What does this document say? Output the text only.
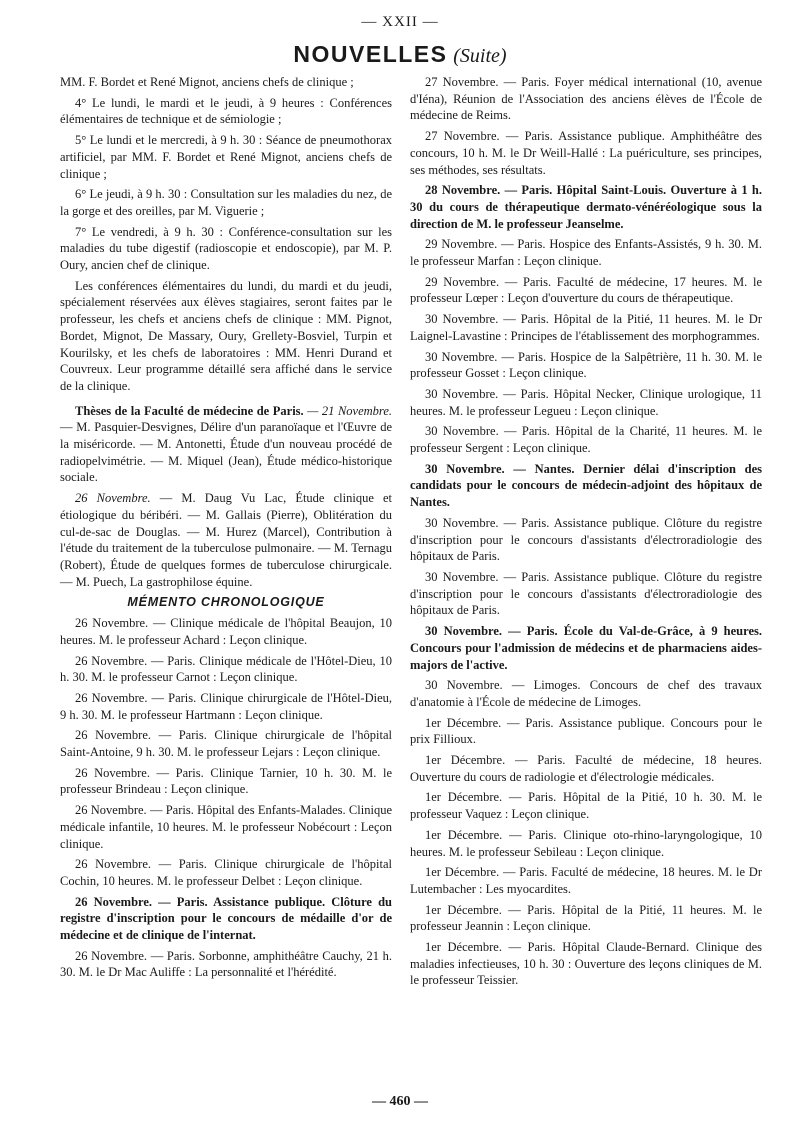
— XXII —
NOUVELLES (Suite)

MM. F. Bordet et René Mignot, anciens chefs de clinique ;

4° Le lundi, le mardi et le jeudi, à 9 heures : Conférences élémentaires de technique et de sémiologie ;

5° Le lundi et le mercredi, à 9 h. 30 : Séance de pneumothorax artificiel, par MM. F. Bordet et René Mignot, anciens chefs de clinique ;

6° Le jeudi, à 9 h. 30 : Consultation sur les maladies du nez, de la gorge et des oreilles, par M. Viguerie ;

7° Le vendredi, à 9 h. 30 : Conférence-consultation sur les maladies du tube digestif (radioscopie et endoscopie), par M. P. Oury, ancien chef de clinique.

Les conférences élémentaires du lundi, du mardi et du jeudi, spécialement réservées aux élèves stagiaires, seront faites par le professeur, les chefs et anciens chefs de clinique : MM. Pignot, Bordet, Mignot, De Massary, Oury, Grellety-Bosviel, Turpin et Kourilsky, et les chefs de laboratoires : MM. Henri Durand et Couvreux. Leur programme détaillé sera affiché dans le service de la clinique.

Thèses de la Faculté de médecine de Paris. — 21 Novembre. — M. Pasquier-Desvignes, Délire d'un paranoïaque et l'Œuvre de la miséricorde. — M. Antonetti, Étude d'un nouveau procédé de radiopelvimétrie. — M. Miquel (Jean), Étude médico-historique sociale.

26 Novembre. — M. Daug Vu Lac, Étude clinique et étiologique du béribéri. — M. Gallais (Pierre), Oblitération du cul-de-sac de Douglas. — M. Hurez (Marcel), Contribution à l'étude du traitement de la tuberculose pulmonaire. — M. Ternagu (Robert), Étude de quelques formes de tuberculose chirurgicale. — M. Puech, La gastrophilose équine.

MÉMENTO CHRONOLOGIQUE

26 Novembre. — Clinique médicale de l'hôpital Beaujon, 10 heures. M. le professeur Achard : Leçon clinique.

26 Novembre. — Paris. Clinique médicale de l'Hôtel-Dieu, 10 h. 30. M. le professeur Carnot : Leçon clinique.

26 Novembre. — Paris. Clinique chirurgicale de l'Hôtel-Dieu, 9 h. 30. M. le professeur Hartmann : Leçon clinique.

26 Novembre. — Paris. Clinique chirurgicale de l'hôpital Saint-Antoine, 9 h. 30. M. le professeur Lejars : Leçon clinique.

26 Novembre. — Paris. Clinique Tarnier, 10 h. 30. M. le professeur Brindeau : Leçon clinique.

26 Novembre. — Paris. Hôpital des Enfants-Malades. Clinique médicale infantile, 10 heures. M. le professeur Nobécourt : Leçon clinique.

26 Novembre. — Paris. Clinique chirurgicale de l'hôpital Cochin, 10 heures. M. le professeur Delbet : Leçon clinique.

26 Novembre. — Paris. Assistance publique. Clôture du registre d'inscription pour le concours de médaille d'or de médecine et de clinique de l'internat.

26 Novembre. — Paris. Sorbonne, amphithéâtre Cauchy, 21 h. 30. M. le Dr Mac Auliffe : La personnalité et l'hérédité.

27 Novembre. — Paris. Foyer médical international (10, avenue d'Iéna), Réunion de l'Association des anciens élèves de l'École de médecine de Reims.

27 Novembre. — Paris. Assistance publique. Amphithéâtre des concours, 10 h. M. le Dr Weill-Hallé : La puériculture, ses principes, ses méthodes, ses résultats.

28 Novembre. — Paris. Hôpital Saint-Louis. Ouverture à 1 h. 30 du cours de thérapeutique dermato-vénéréologique sous la direction de M. le professeur Jeanselme.

29 Novembre. — Paris. Hospice des Enfants-Assistés, 9 h. 30. M. le professeur Marfan : Leçon clinique.

29 Novembre. — Paris. Faculté de médecine, 17 heures. M. le professeur Lœper : Leçon d'ouverture du cours de thérapeutique.

30 Novembre. — Paris. Hôpital de la Pitié, 11 heures. M. le Dr Laignel-Lavastine : Principes de l'établissement des morphogrammes.

30 Novembre. — Paris. Hospice de la Salpêtrière, 11 h. 30. M. le professeur Gosset : Leçon clinique.

30 Novembre. — Paris. Hôpital Necker, Clinique urologique, 11 heures. M. le professeur Legueu : Leçon clinique.

30 Novembre. — Paris. Hôpital de la Charité, 11 heures. M. le professeur Sergent : Leçon clinique.

30 Novembre. — Nantes. Dernier délai d'inscription des candidats pour le concours de médecin-adjoint des hôpitaux de Nantes.

30 Novembre. — Paris. Assistance publique. Clôture du registre d'inscription pour le concours d'assistants d'électroradiologie des hôpitaux de Paris.

30 Novembre. — Paris. Assistance publique. Clôture du registre d'inscription pour le concours d'assistants d'électroradiologie des hôpitaux de Paris.

30 Novembre. — Paris. École du Val-de-Grâce, à 9 heures. Concours pour l'admission de médecins et de pharmaciens aides-majors de l'active.

30 Novembre. — Limoges. Concours de chef des travaux d'anatomie à l'École de médecine de Limoges.

1er Décembre. — Paris. Assistance publique. Concours pour le prix Fillioux.

1er Décembre. — Paris. Faculté de médecine, 18 heures. Ouverture du cours de radiologie et d'électrologie médicales.

1er Décembre. — Paris. Hôpital de la Pitié, 10 h. 30. M. le professeur Vaquez : Leçon clinique.

1er Décembre. — Paris. Clinique oto-rhino-laryngologique, 10 heures. M. le professeur Sebileau : Leçon clinique.

1er Décembre. — Paris. Faculté de médecine, 18 heures. M. le Dr Lutembacher : Les myocardites.

1er Décembre. — Paris. Hôpital de la Pitié, 11 heures. M. le professeur Jeannin : Leçon clinique.

1er Décembre. — Paris. Hôpital Claude-Bernard. Clinique des maladies infectieuses, 10 h. 30 : Ouverture des leçons cliniques de M. le professeur Teissier.

— 460 —
